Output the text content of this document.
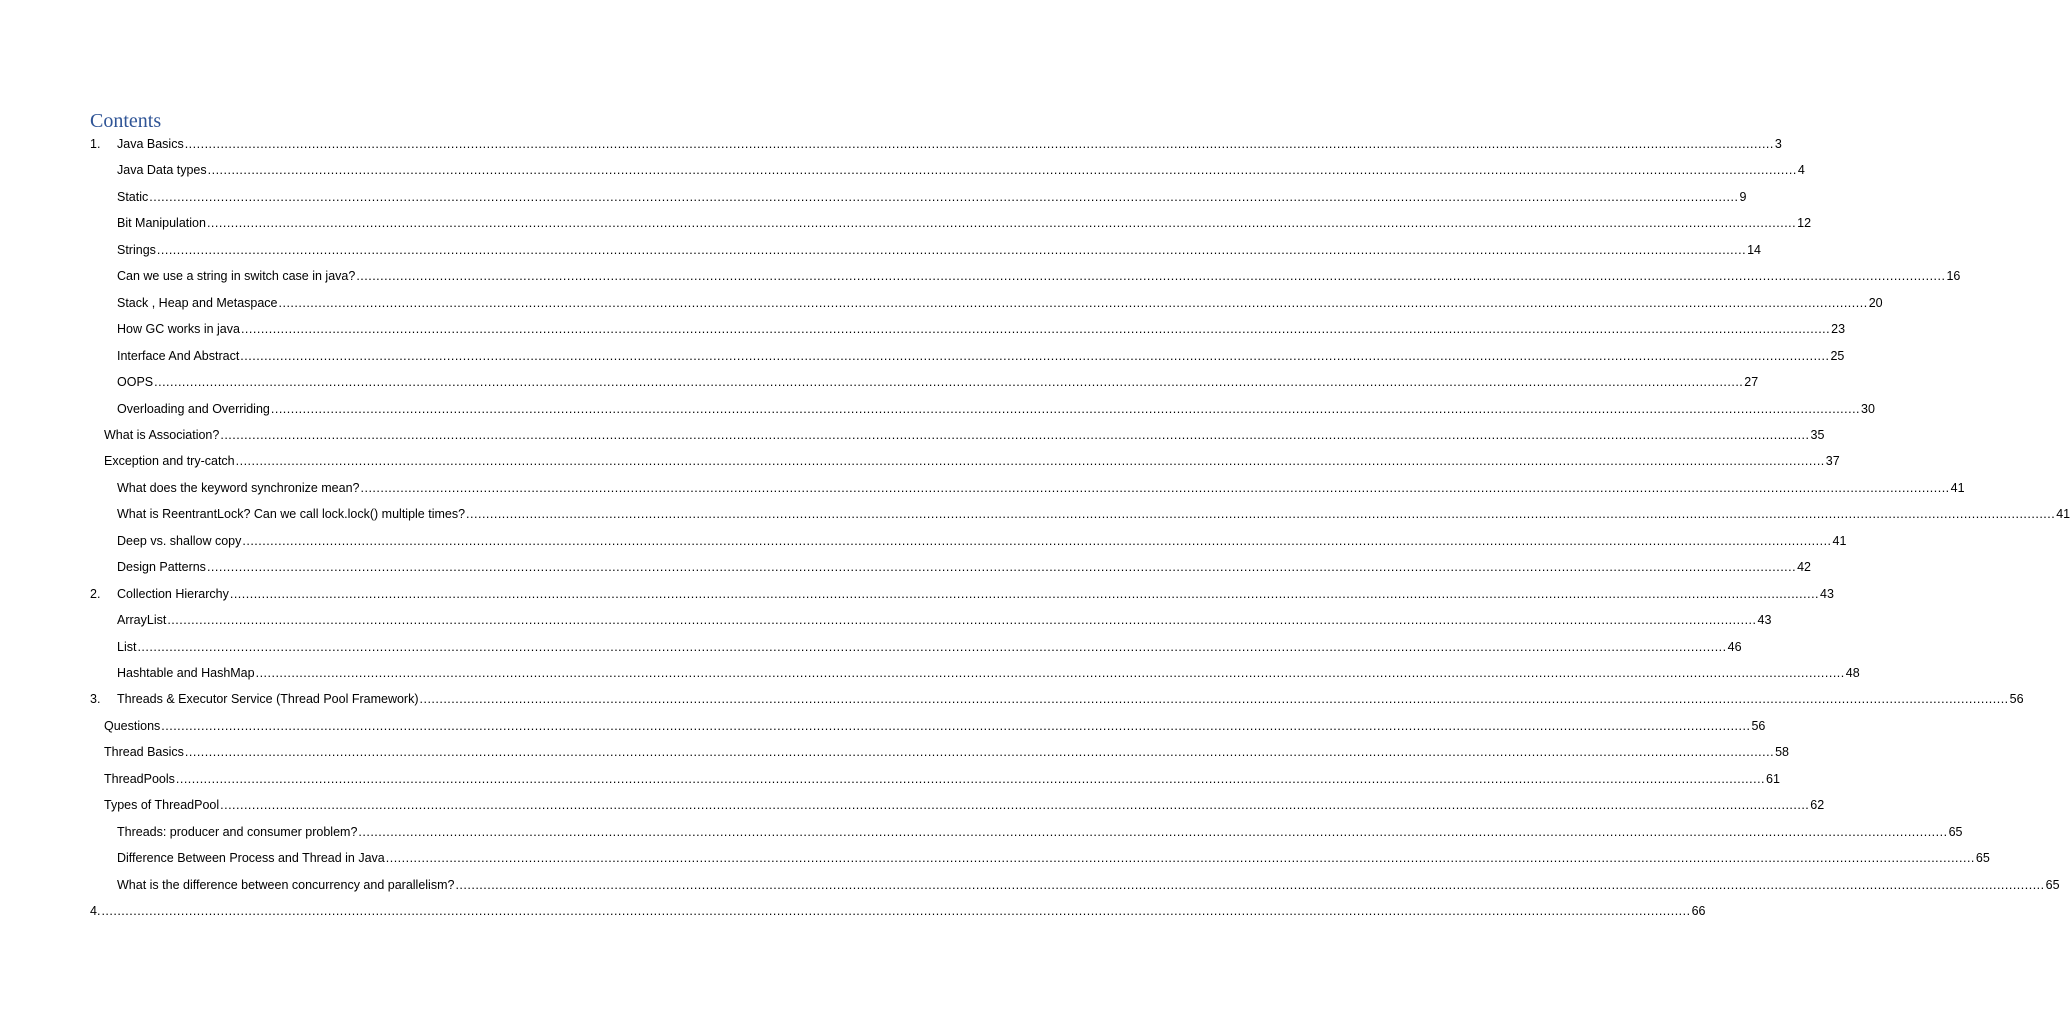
Contents
1.	Java Basics ................................................................................................................................................................................................................................................................................................................................................................................................................ 3
Java Data types ................................................................................................................................................................................................................................................................................................................................................................................................................ 4
Static ................................................................................................................................................................................................................................................................................................................................................................................................................ 9
Bit Manipulation ................................................................................................................................................................................................................................................................................................................................................................................................................ 12
Strings ................................................................................................................................................................................................................................................................................................................................................................................................................ 14
Can we use a string in switch case in java? ................................................................................................................................................................................................................................................................................................................................................................................................................ 16
Stack , Heap and Metaspace ................................................................................................................................................................................................................................................................................................................................................................................................................ 20
How GC works in java ................................................................................................................................................................................................................................................................................................................................................................................................................ 23
Interface And Abstract ................................................................................................................................................................................................................................................................................................................................................................................................................ 25
OOPS ................................................................................................................................................................................................................................................................................................................................................................................................................ 27
Overloading and Overriding ................................................................................................................................................................................................................................................................................................................................................................................................................ 30
What is Association? ................................................................................................................................................................................................................................................................................................................................................................................................................ 35
Exception and try-catch ................................................................................................................................................................................................................................................................................................................................................................................................................ 37
What does the keyword synchronize mean? ................................................................................................................................................................................................................................................................................................................................................................................................................ 41
What is ReentrantLock? Can we call lock.lock() multiple times? ................................................................................................................................................................................................................................................................................................................................................................................................................ 41
Deep vs. shallow copy ................................................................................................................................................................................................................................................................................................................................................................................................................ 41
Design Patterns ................................................................................................................................................................................................................................................................................................................................................................................................................ 42
2.	Collection Hierarchy ................................................................................................................................................................................................................................................................................................................................................................................................................ 43
ArrayList ................................................................................................................................................................................................................................................................................................................................................................................................................ 43
List ................................................................................................................................................................................................................................................................................................................................................................................................................ 46
Hashtable and HashMap ................................................................................................................................................................................................................................................................................................................................................................................................................ 48
3.	Threads & Executor Service (Thread Pool Framework) ................................................................................................................................................................................................................................................................................................................................................................................................................ 56
Questions ................................................................................................................................................................................................................................................................................................................................................................................................................ 56
Thread Basics ................................................................................................................................................................................................................................................................................................................................................................................................................ 58
ThreadPools ................................................................................................................................................................................................................................................................................................................................................................................................................ 61
Types of ThreadPool ................................................................................................................................................................................................................................................................................................................................................................................................................ 62
Threads: producer and consumer problem? ................................................................................................................................................................................................................................................................................................................................................................................................................ 65
Difference Between Process and Thread in Java ................................................................................................................................................................................................................................................................................................................................................................................................................ 65
What is the difference between concurrency and parallelism? ................................................................................................................................................................................................................................................................................................................................................................................................................ 65
4. ................................................................................................................................................................................................................................................................................................................................................................................................................ 66
